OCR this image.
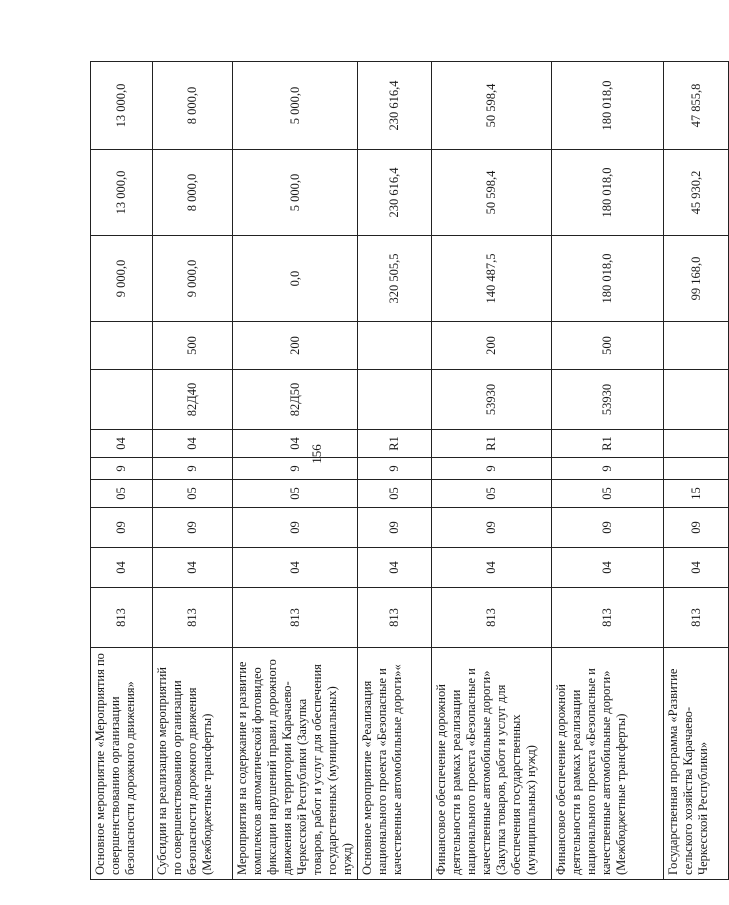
156
Основное мероприятие «Мероприятия по совершенствованию организации безопасности дорожного движения»	813	04	09	05	9	04			9 000,0	13 000,0	13 000,0
Субсидии на реализацию мероприятий по совершенствованию организации безопасности дорожного движения (Межбюджетные трансферты)	813	04	09	05	9	04	82Д40	500	9 000,0	8 000,0	8 000,0
Мероприятия на содержание и развитие комплексов автоматической фотовидео фиксации нарушений правил дорожного движения на территории Карачаево-Черкесской Республики (Закупка товаров, работ и услуг для обеспечения государственных (муниципальных) нужд)	813	04	09	05	9	04	82Д50	200	0,0	5 000,0	5 000,0
Основное мероприятие «Реализация национального проекта «Безопасные и качественные автомобильные дороги»«	813	04	09	05	9	R1			320 505,5	230 616,4	230 616,4
Финансовое обеспечение дорожной деятельности в рамках реализации национального проекта «Безопасные и качественные автомобильные дороги» (Закупка товаров, работ и услуг для обеспечения государственных (муниципальных) нужд)	813	04	09	05	9	R1	53930	200	140 487,5	50 598,4	50 598,4
Финансовое обеспечение дорожной деятельности в рамках реализации национального проекта «Безопасные и качественные автомобильные дороги» (Межбюджетные трансферты)	813	04	09	05	9	R1	53930	500	180 018,0	180 018,0	180 018,0
Государственная программа «Развитие сельского хозяйства Карачаево-Черкесской Республики»	813	04	09	15					99 168,0	45 930,2	47 855,8
